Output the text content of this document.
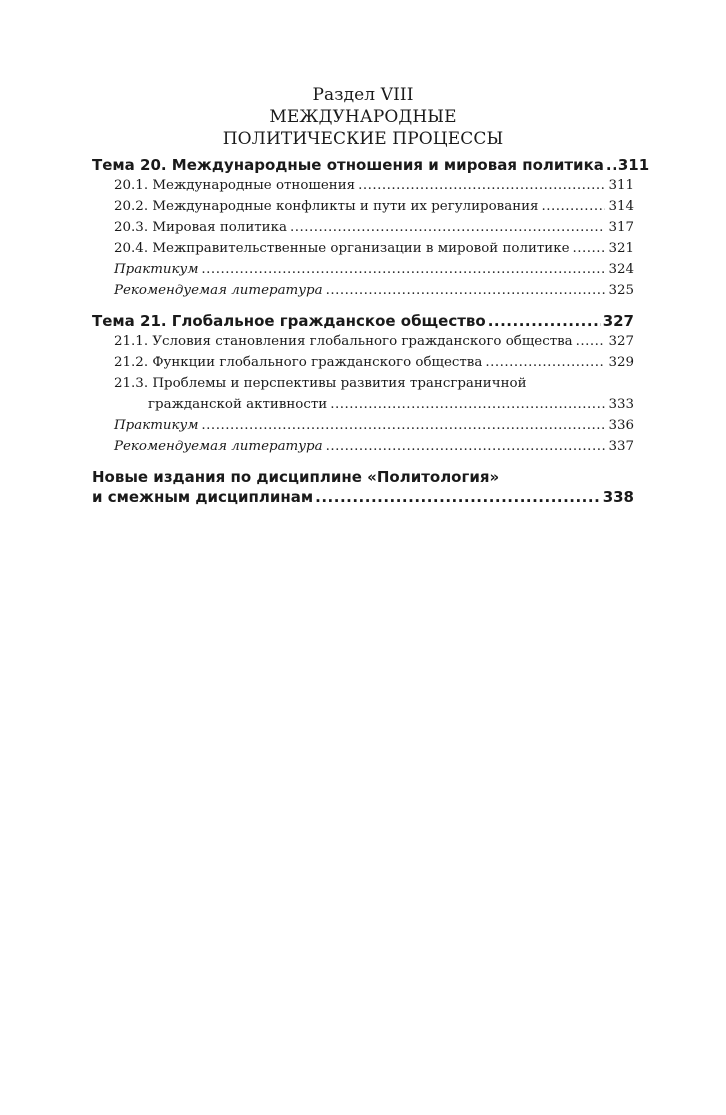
Раздел VIII
МЕЖДУНАРОДНЫЕ
ПОЛИТИЧЕСКИЕ ПРОЦЕССЫ
Тема 20. Международные отношения и мировая политика ..... 311
20.1. Международные отношения .....	311
20.2. Международные конфликты и пути их регулирования .....	314
20.3. Мировая политика .....	317
20.4. Межправительственные организации в мировой политике .....	321
Практикум .....	324
Рекомендуемая литература .....	325
Тема 21. Глобальное гражданское общество .....	327
21.1. Условия становления глобального гражданского общества .....	327
21.2. Функции глобального гражданского общества .....	329
21.3. Проблемы и перспективы развития трансграничной
гражданской активности .....	333
Практикум .....	336
Рекомендуемая литература .....	337
Новые издания по дисциплине «Политология»
и смежным дисциплинам .....	338
